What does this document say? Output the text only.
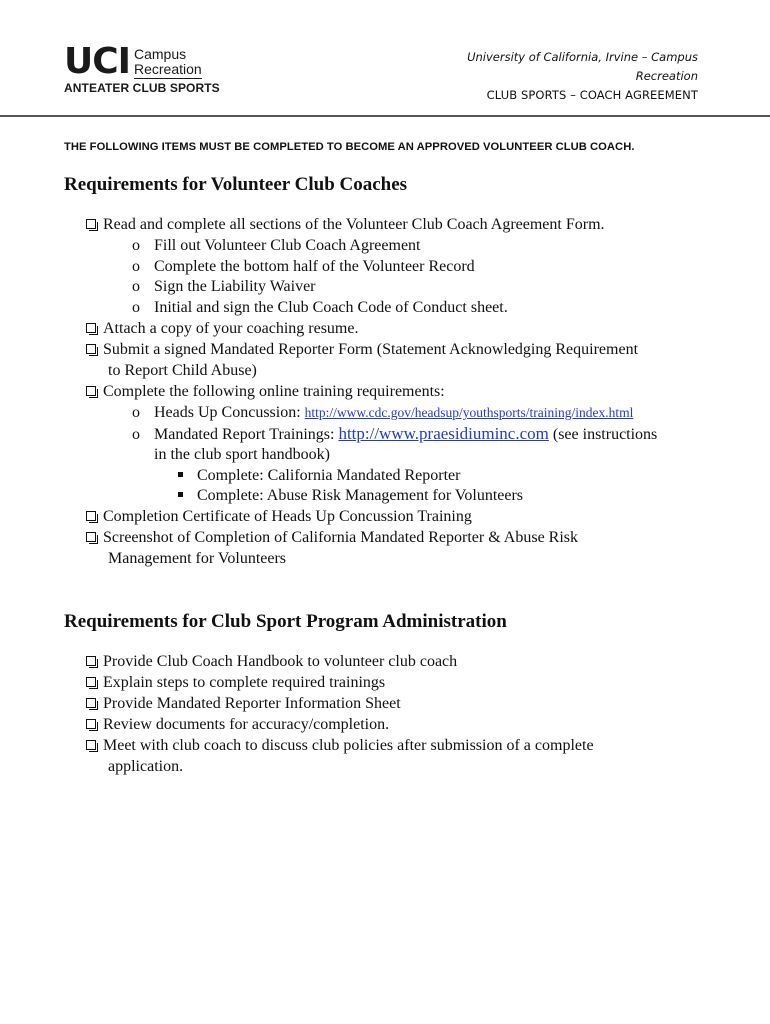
UCI Campus
Recreation
ANTEATER CLUB SPORTS
University of California, Irvine – Campus
Recreation
CLUB SPORTS – COACH AGREEMENT
THE FOLLOWING ITEMS MUST BE COMPLETED TO BECOME AN APPROVED VOLUNTEER CLUB COACH.
Requirements for Volunteer Club Coaches
Read and complete all sections of the Volunteer Club Coach Agreement Form.
o Fill out Volunteer Club Coach Agreement
o Complete the bottom half of the Volunteer Record
o Sign the Liability Waiver
o Initial and sign the Club Coach Code of Conduct sheet.
Attach a copy of your coaching resume.
Submit a signed Mandated Reporter Form (Statement Acknowledging Requirement
to Report Child Abuse)
Complete the following online training requirements:
o Heads Up Concussion: http://www.cdc.gov/headsup/youthsports/training/index.html
o Mandated Report Trainings: http://www.praesidiuminc.com (see instructions
in the club sport handbook)
Complete: California Mandated Reporter
Complete: Abuse Risk Management for Volunteers
Completion Certificate of Heads Up Concussion Training
Screenshot of Completion of California Mandated Reporter & Abuse Risk
Management for Volunteers
Requirements for Club Sport Program Administration
Provide Club Coach Handbook to volunteer club coach
Explain steps to complete required trainings
Provide Mandated Reporter Information Sheet
Review documents for accuracy/completion.
Meet with club coach to discuss club policies after submission of a complete
application.
